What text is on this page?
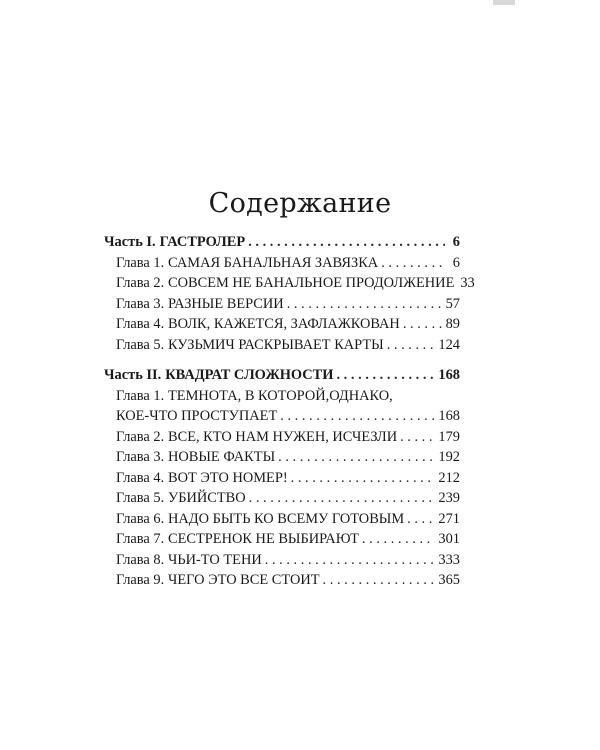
Содержание
Часть I. ГАСТРОЛЕР . . .	6
Глава 1. САМАЯ БАНАЛЬНАЯ ЗАВЯЗКА . . .	6
Глава 2. СОВСЕМ НЕ БАНАЛЬНОЕ ПРОДОЛЖЕНИЕ 33
Глава 3. РАЗНЫЕ ВЕРСИИ . . .	57
Глава 4. ВОЛК, КАЖЕТСЯ, ЗАФЛАЖКОВАН . . .	89
Глава 5. КУЗЬМИЧ РАСКРЫВАЕТ КАРТЫ . . .	124
Часть II. КВАДРАТ СЛОЖНОСТИ . . .	168
Глава 1. ТЕМНОТА, В КОТОРОЙ,ОДНАКО,
КОЕ-ЧТО ПРОСТУПАЕТ . . .	168
Глава 2. ВСЕ, КТО НАМ НУЖЕН, ИСЧЕЗЛИ . . .	179
Глава 3. НОВЫЕ ФАКТЫ . . .	192
Глава 4. ВОТ ЭТО НОМЕР! . . .	212
Глава 5. УБИЙСТВО . . .	239
Глава 6. НАДО БЫТЬ КО ВСЕМУ ГОТОВЫМ . . . 271
Глава 7. СЕСТРЕНОК НЕ ВЫБИРАЮТ . . .	301
Глава 8. ЧЬИ-ТО ТЕНИ . . .	333
Глава 9. ЧЕГО ЭТО ВСЕ СТОИТ . . .	365
